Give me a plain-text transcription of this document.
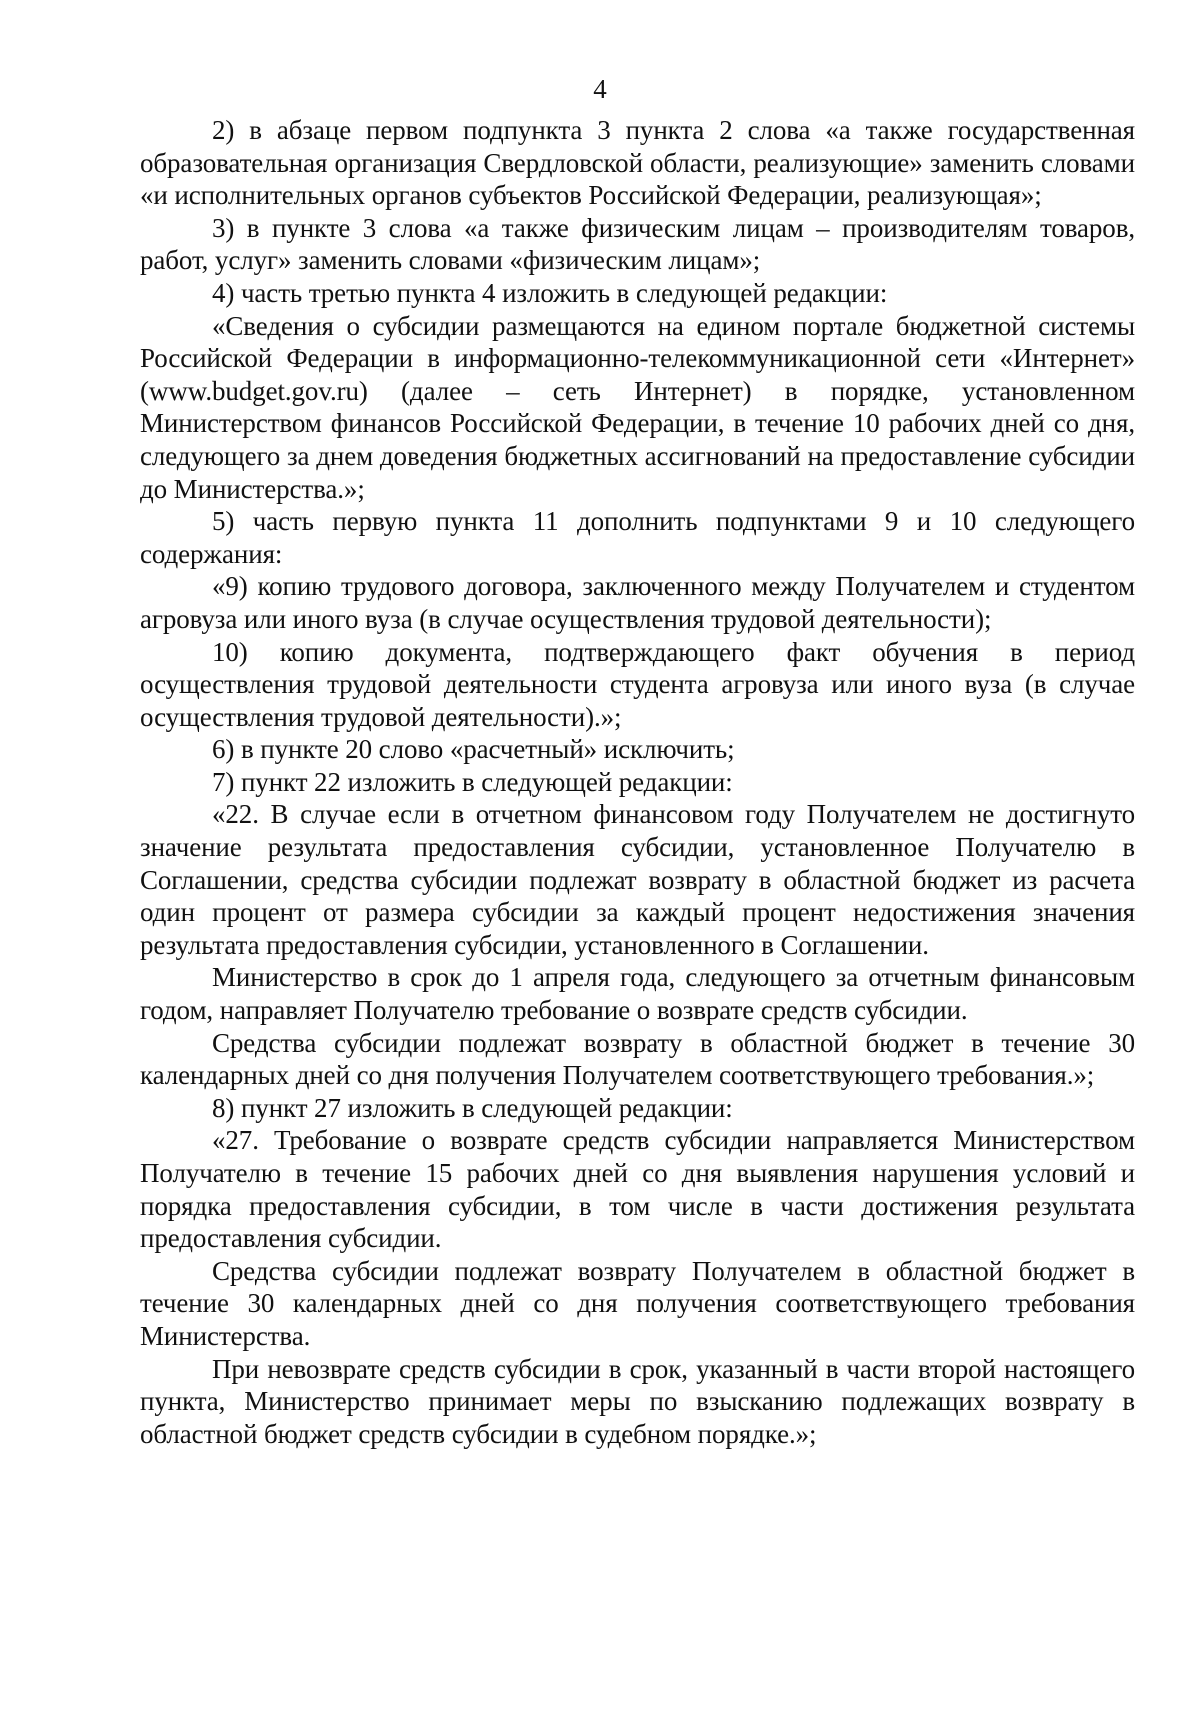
4

2) в абзаце первом подпункта 3 пункта 2 слова «а также государственная образовательная организация Свердловской области, реализующие» заменить словами «и исполнительных органов субъектов Российской Федерации, реализующая»;

3) в пункте 3 слова «а также физическим лицам – производителям товаров, работ, услуг» заменить словами «физическим лицам»;

4) часть третью пункта 4 изложить в следующей редакции:

«Сведения о субсидии размещаются на едином портале бюджетной системы Российской Федерации в информационно-телекоммуникационной сети «Интернет» (www.budget.gov.ru) (далее – сеть Интернет) в порядке, установленном Министерством финансов Российской Федерации, в течение 10 рабочих дней со дня, следующего за днем доведения бюджетных ассигнований на предоставление субсидии до Министерства.»;

5) часть первую пункта 11 дополнить подпунктами 9 и 10 следующего содержания:

«9) копию трудового договора, заключенного между Получателем и студентом агровуза или иного вуза (в случае осуществления трудовой деятельности);

10) копию документа, подтверждающего факт обучения в период осуществления трудовой деятельности студента агровуза или иного вуза (в случае осуществления трудовой деятельности).»;

6) в пункте 20 слово «расчетный» исключить;

7) пункт 22 изложить в следующей редакции:

«22. В случае если в отчетном финансовом году Получателем не достигнуто значение результата предоставления субсидии, установленное Получателю в Соглашении, средства субсидии подлежат возврату в областной бюджет из расчета один процент от размера субсидии за каждый процент недостижения значения результата предоставления субсидии, установленного в Соглашении.

Министерство в срок до 1 апреля года, следующего за отчетным финансовым годом, направляет Получателю требование о возврате средств субсидии.

Средства субсидии подлежат возврату в областной бюджет в течение 30 календарных дней со дня получения Получателем соответствующего требования.»;

8) пункт 27 изложить в следующей редакции:

«27. Требование о возврате средств субсидии направляется Министерством Получателю в течение 15 рабочих дней со дня выявления нарушения условий и порядка предоставления субсидии, в том числе в части достижения результата предоставления субсидии.

Средства субсидии подлежат возврату Получателем в областной бюджет в течение 30 календарных дней со дня получения соответствующего требования Министерства.

При невозврате средств субсидии в срок, указанный в части второй настоящего пункта, Министерство принимает меры по взысканию подлежащих возврату в областной бюджет средств субсидии в судебном порядке.»;
